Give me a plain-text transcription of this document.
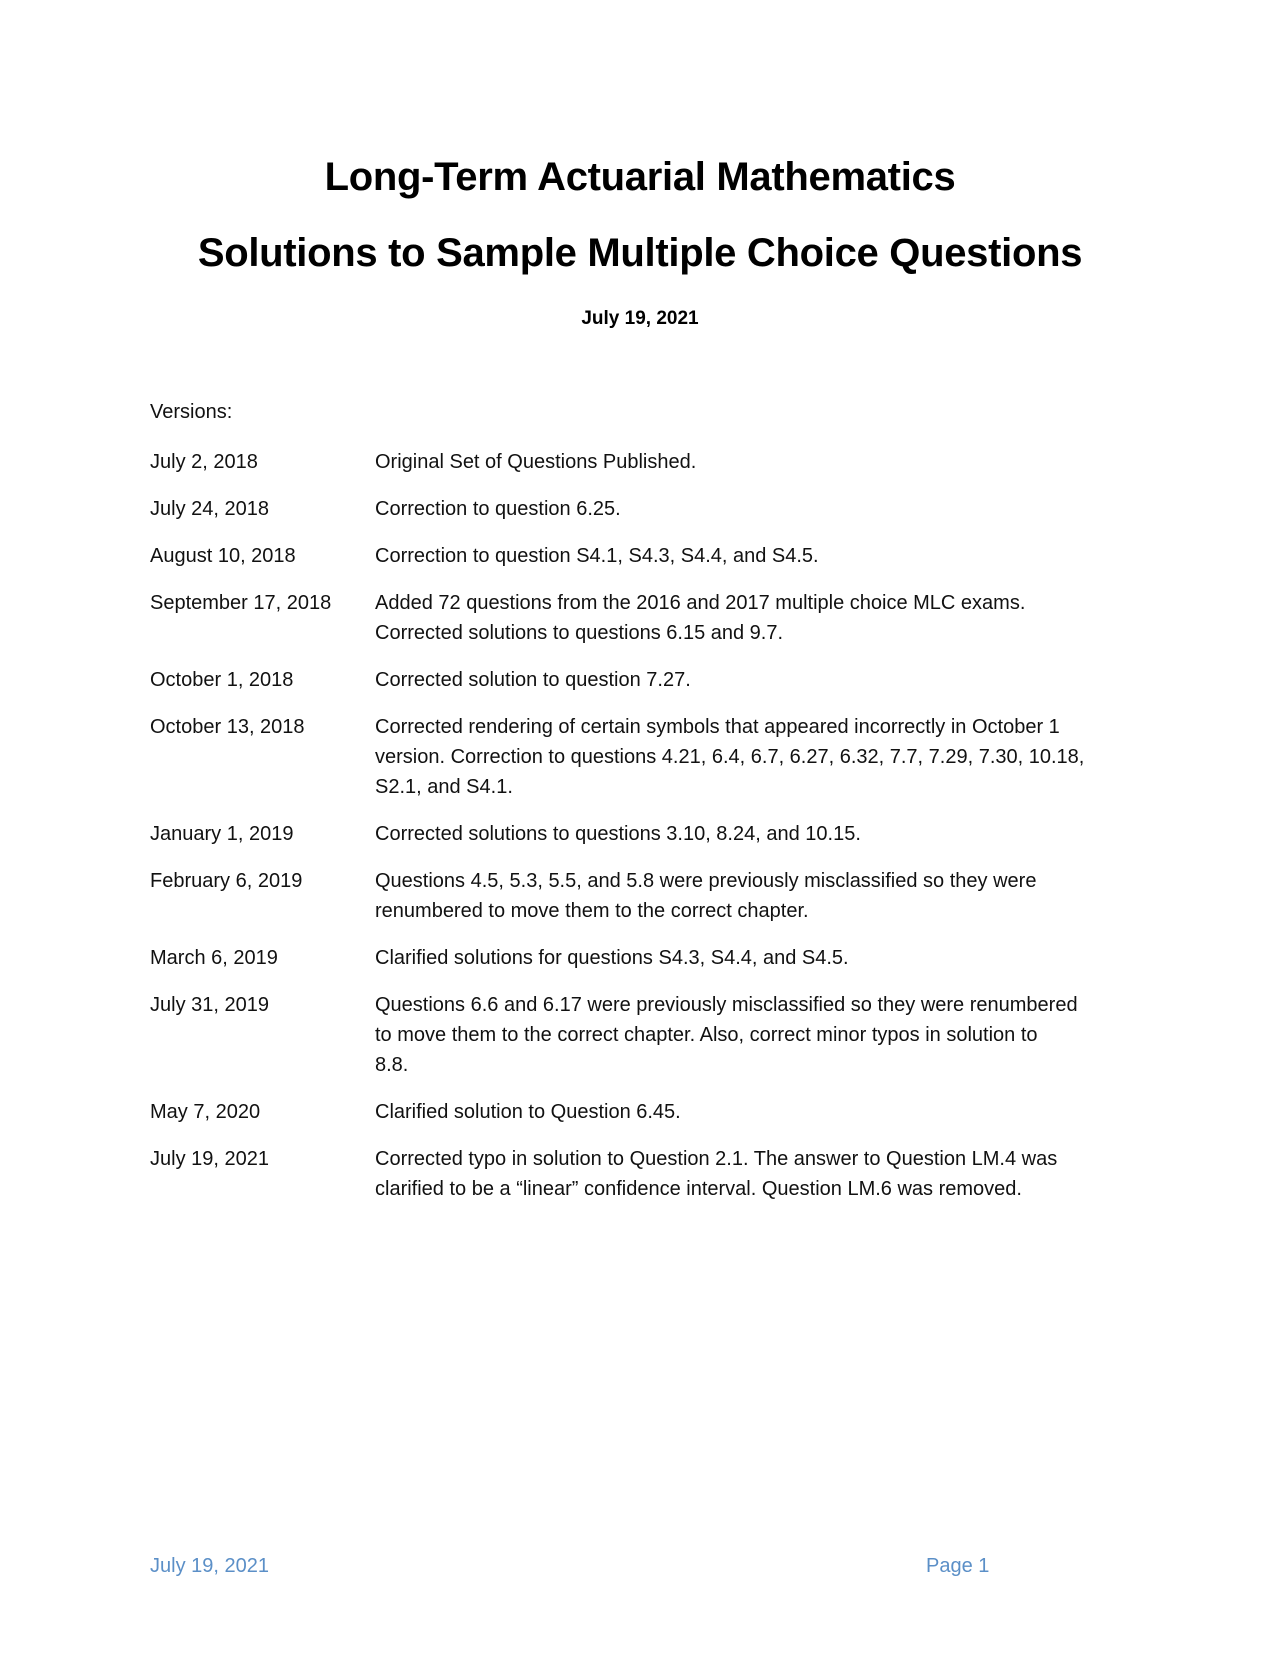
Long-Term Actuarial Mathematics
Solutions to Sample Multiple Choice Questions
July 19, 2021
Versions:
July 2, 2018	Original Set of Questions Published.
July 24, 2018	Correction to question 6.25.
August 10, 2018	Correction to question S4.1, S4.3, S4.4, and S4.5.
September 17, 2018	Added 72 questions from the 2016 and 2017 multiple choice MLC exams.
Corrected solutions to questions 6.15 and 9.7.
October 1, 2018	Corrected solution to question 7.27.
October 13, 2018	Corrected rendering of certain symbols that appeared incorrectly in October 1
version. Correction to questions 4.21, 6.4, 6.7, 6.27, 6.32, 7.7, 7.29, 7.30, 10.18,
S2.1, and S4.1.
January 1, 2019	Corrected solutions to questions 3.10, 8.24, and 10.15.
February 6, 2019	Questions 4.5, 5.3, 5.5, and 5.8 were previously misclassified so they were
renumbered to move them to the correct chapter.
March 6, 2019	Clarified solutions for questions S4.3, S4.4, and S4.5.
July 31, 2019	Questions 6.6 and 6.17 were previously misclassified so they were renumbered
to move them to the correct chapter. Also, correct minor typos in solution to
8.8.
May 7, 2020	Clarified solution to Question 6.45.
July 19, 2021	Corrected typo in solution to Question 2.1. The answer to Question LM.4 was
clarified to be a “linear” confidence interval. Question LM.6 was removed.
July 19, 2021	Page 1
